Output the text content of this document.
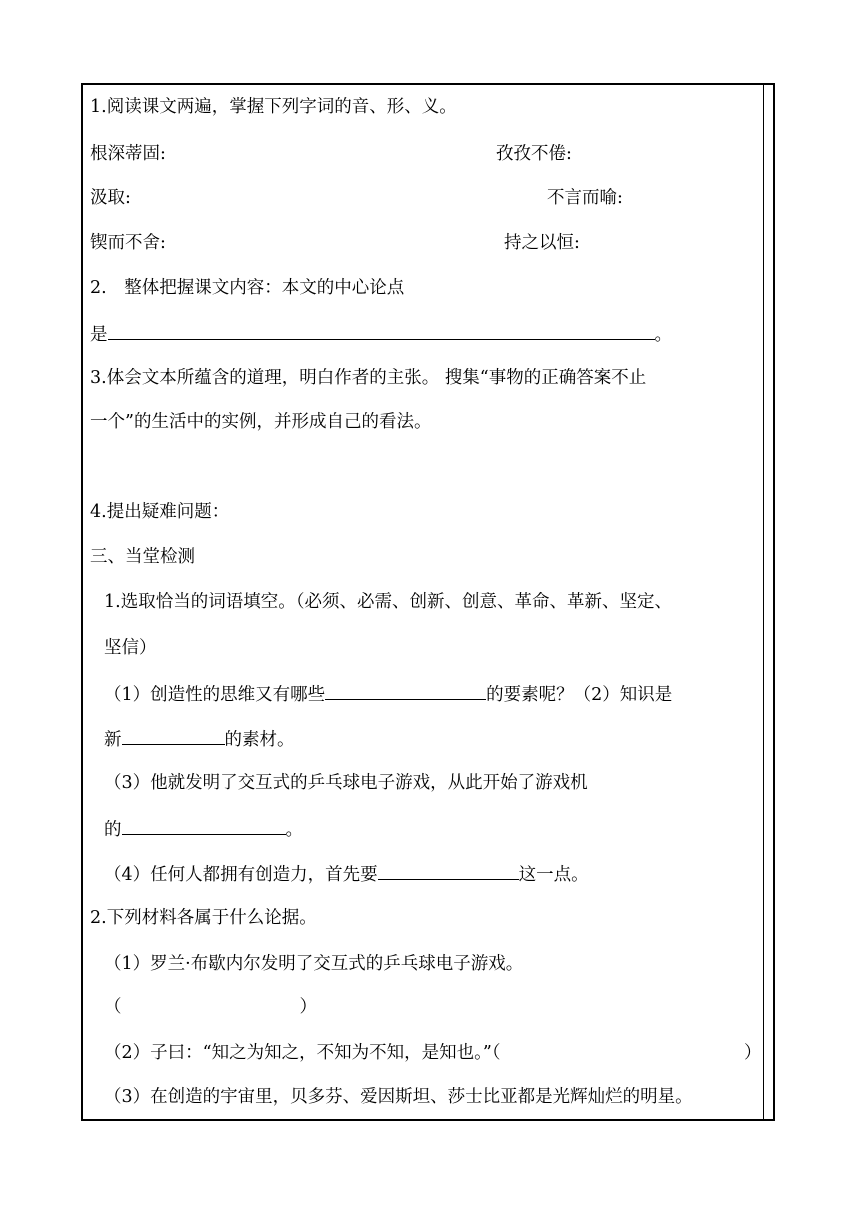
1.阅读课文两遍，掌握下列字词的音、形、义。
根深蒂固:	孜孜不倦:
汲取:	不言而喻:
锲而不舍:	持之以恒:
2.　整体把握课文内容：本文的中心论点
是	。
3.体会文本所蕴含的道理，明白作者的主张。 搜集“事物的正确答案不止
一个”的生活中的实例，并形成自己的看法。
4.提出疑难问题：
三、当堂检测
1.选取恰当的词语填空。（必须、必需、创新、创意、革命、革新、坚定、
坚信）
（1）创造性的思维又有哪些	的要素呢？（2）知识是
新	的素材。
（3）他就发明了交互式的乒乓球电子游戏，从此开始了游戏机
的	。
（4）任何人都拥有创造力，首先要	这一点。
2.下列材料各属于什么论据。
（1）罗兰·布歇内尔发明了交互式的乒乓球电子游戏。
（	）
（2）子曰：“知之为知之，不知为不知，是知也。”（	）
（3）在创造的宇宙里，贝多芬、爱因斯坦、莎士比亚都是光辉灿烂的明星。
